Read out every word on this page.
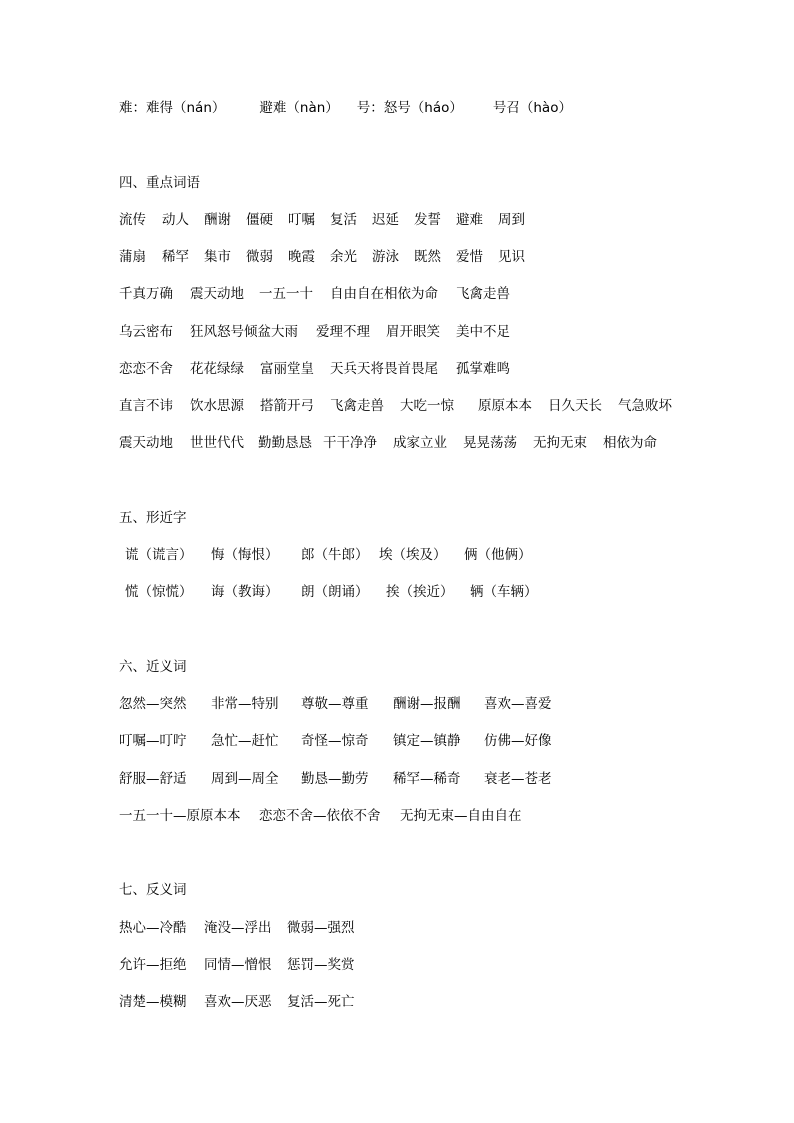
难：难得（nán）	避难（nàn） 号：怒号（háo） 号召（hào）
四、重点词语
流传 动人 酬谢 僵硬 叮嘱 复活 迟延 发誓 避难 周到
蒲扇 稀罕 集市 微弱 晚霞 余光 游泳 既然 爱惜 见识
千真万确 震天动地 一五一十 自由自在相依为命 飞禽走兽
乌云密布 狂风怒号倾盆大雨 爱理不理 眉开眼笑 美中不足
恋恋不舍 花花绿绿 富丽堂皇 天兵天将畏首畏尾 孤掌难鸣
直言不讳 饮水思源 搭箭开弓 飞禽走兽 大吃一惊 原原本本 日久天长 气急败坏
震天动地 世世代代 勤勤恳恳 干干净净 成家立业 晃晃荡荡 无拘无束 相依为命
五、形近字
谎（谎言） 悔（悔恨） 郎（牛郎） 埃（埃及） 俩（他俩）
慌（惊慌） 诲（教诲） 朗（朗诵） 挨（挨近） 辆（车辆）
六、近义词
忽然—突然 非常—特别 尊敬—尊重 酬谢—报酬 喜欢—喜爱
叮嘱—叮咛 急忙—赶忙 奇怪—惊奇 镇定—镇静 仿佛—好像
舒服—舒适 周到—周全 勤恳—勤劳 稀罕—稀奇 衰老—苍老
一五一十—原原本本 恋恋不舍—依依不舍 无拘无束—自由自在
七、反义词
热心—冷酷 淹没—浮出 微弱—强烈
允许—拒绝 同情—憎恨 惩罚—奖赏
清楚—模糊 喜欢—厌恶 复活—死亡
